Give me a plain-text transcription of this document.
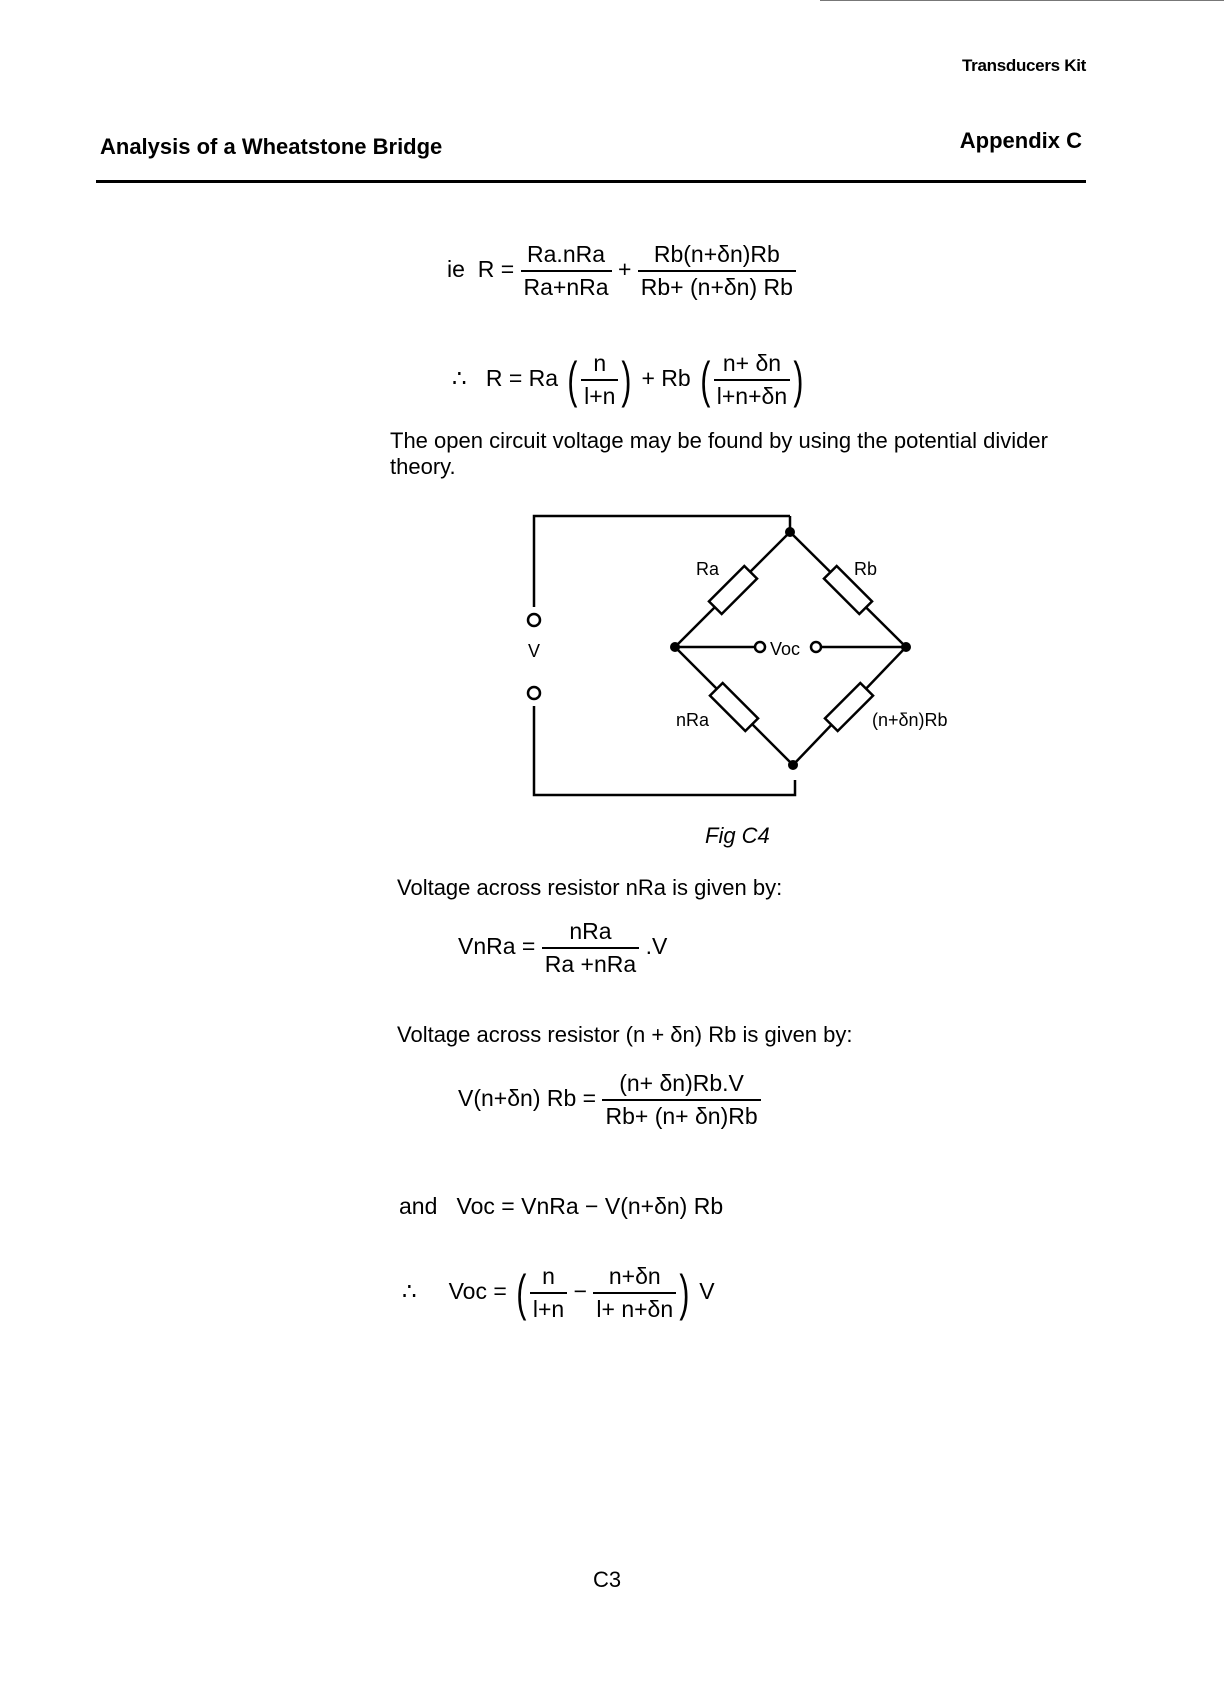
Transducers Kit
Analysis of a Wheatstone Bridge	Appendix C
ie $R = \frac{\text{Ra.nRa}}{\text{Ra+nRa}} + \frac{Rb(n+\delta n)Rb}{Rb+ (n+\delta n) Rb}$
∴ R = Ra ( $\frac{n}{l+n}$ ) + Rb ( $\frac{n+ \delta n}{l+n+\delta n}$ )
The open circuit voltage may be found by using the potential divider theory.
Ra	Rb
V	Voc
nRa	(n+δn)Rb
Fig C4
Voltage across resistor nRa is given by:
VnRa = $\frac{\text{nRa}}{\text{Ra +nRa}} .V$
Voltage across resistor (n + δn) Rb is given by:
V(n+δn) $Rb = \frac{(n+ \delta n)Rb.V}{Rb+ (n+ \delta n)Rb}$
and Voc = VnRa − V(n+δn) Rb
∴ Voc = ( $\frac{n}{l+n} - \frac{n+\delta n}{l+ n+\delta n}$ ) V
C3
